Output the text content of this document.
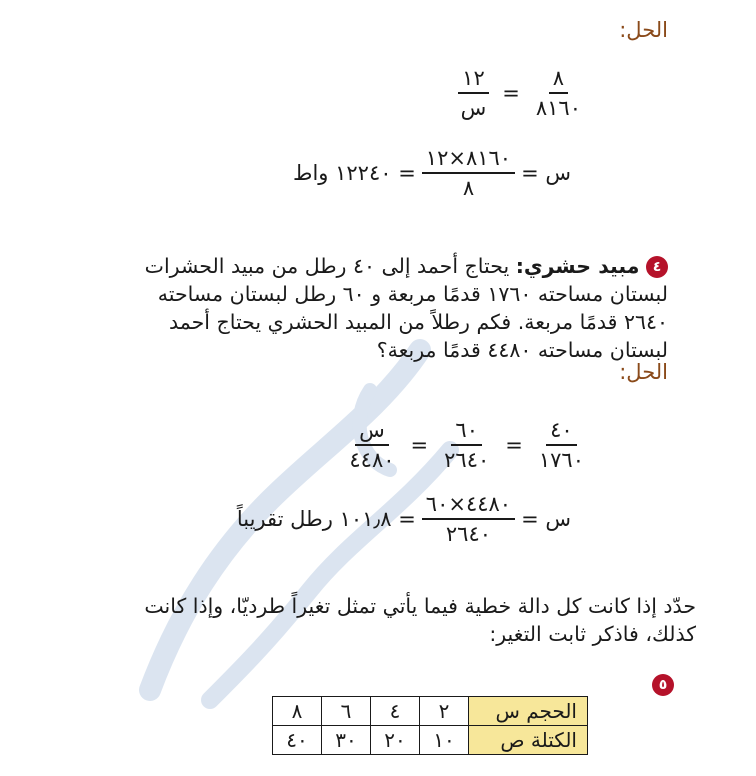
الحل:
$\frac{٨}{٨١٦٠}$
=
$\frac{١٢}{\text{س}}$
س =
$\frac{٨١٦٠\times ١٢}{٨}$
= ١٢٢٤٠ واط
٤ مبيد حشري: يحتاج أحمد إلى ٤٠ رطل من مبيد الحشرات
لبستان مساحته ١٧٦٠ قدمًا مربعة و ٦٠ رطل لبستان مساحته
٢٦٤٠ قدمًا مربعة. فكم رطلاً من المبيد الحشري يحتاج أحمد
لبستان مساحته ٤٤٨٠ قدمًا مربعة؟
الحل:
$\frac{٤٠}{١٧٦٠}$
=
$\frac{٦٠}{٢٦٤٠}$
=
$\frac{\text{س}}{٤٤٨٠}$
س =
$\frac{٤٤٨٠\times ٦٠}{٢٦٤٠}$
= ١٠١٫٨ رطل تقريباً
حدّد إذا كانت كل دالة خطية فيما يأتي تمثل تغيراً طرديّا، وإذا كانت
كذلك، فاذكر ثابت التغير:
٥
الحجم س	٢	٤	٦	٨
الكتلة ص	١٠	٢٠	٣٠	٤٠
